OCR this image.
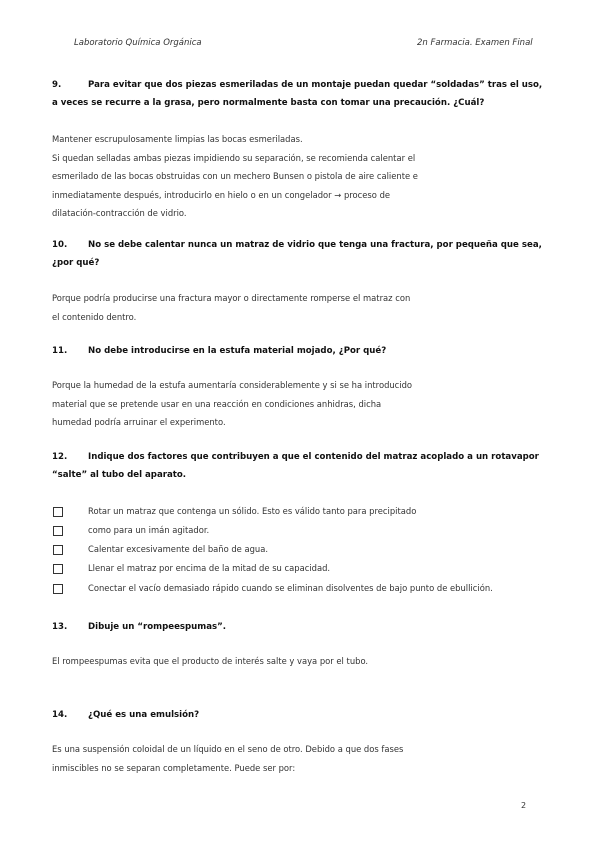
Laboratorio Química Orgánica	2n Farmacia. Examen Final
9.	Para evitar que dos piezas esmeriladas de un montaje puedan quedar “soldadas” tras el uso,
a veces se recurre a la grasa, pero normalmente basta con tomar una precaución. ¿Cuál?
Mantener escrupulosamente limpias las bocas esmeriladas.
Si quedan selladas ambas piezas impidiendo su separación, se recomienda calentar el
esmerilado de las bocas obstruidas con un mechero Bunsen o pistola de aire caliente e
inmediatamente después, introducirlo en hielo o en un congelador → proceso de
dilatación-contracción de vidrio.
10. No se debe calentar nunca un matraz de vidrio que tenga una fractura, por pequeña que sea,
¿por qué?
Porque podría producirse una fractura mayor o directamente romperse el matraz con
el contenido dentro.
11. No debe introducirse en la estufa material mojado, ¿Por qué?
Porque la humedad de la estufa aumentaría considerablemente y si se ha introducido
material que se pretende usar en una reacción en condiciones anhidras, dicha
humedad podría arruinar el experimento.
12. Indique dos factores que contribuyen a que el contenido del matraz acoplado a un rotavapor
“salte” al tubo del aparato.
Rotar un matraz que contenga un sólido. Esto es válido tanto para precipitado
como para un imán agitador.
Calentar excesivamente del baño de agua.
Llenar el matraz por encima de la mitad de su capacidad.
Conectar el vacío demasiado rápido cuando se eliminan disolventes de bajo punto de ebullición.
13. Dibuje un “rompeespumas”.
El rompeespumas evita que el producto de interés salte y vaya por el tubo.
14. ¿Qué es una emulsión?
Es una suspensión coloidal de un líquido en el seno de otro. Debido a que dos fases
inmiscibles no se separan completamente. Puede ser por:
2
